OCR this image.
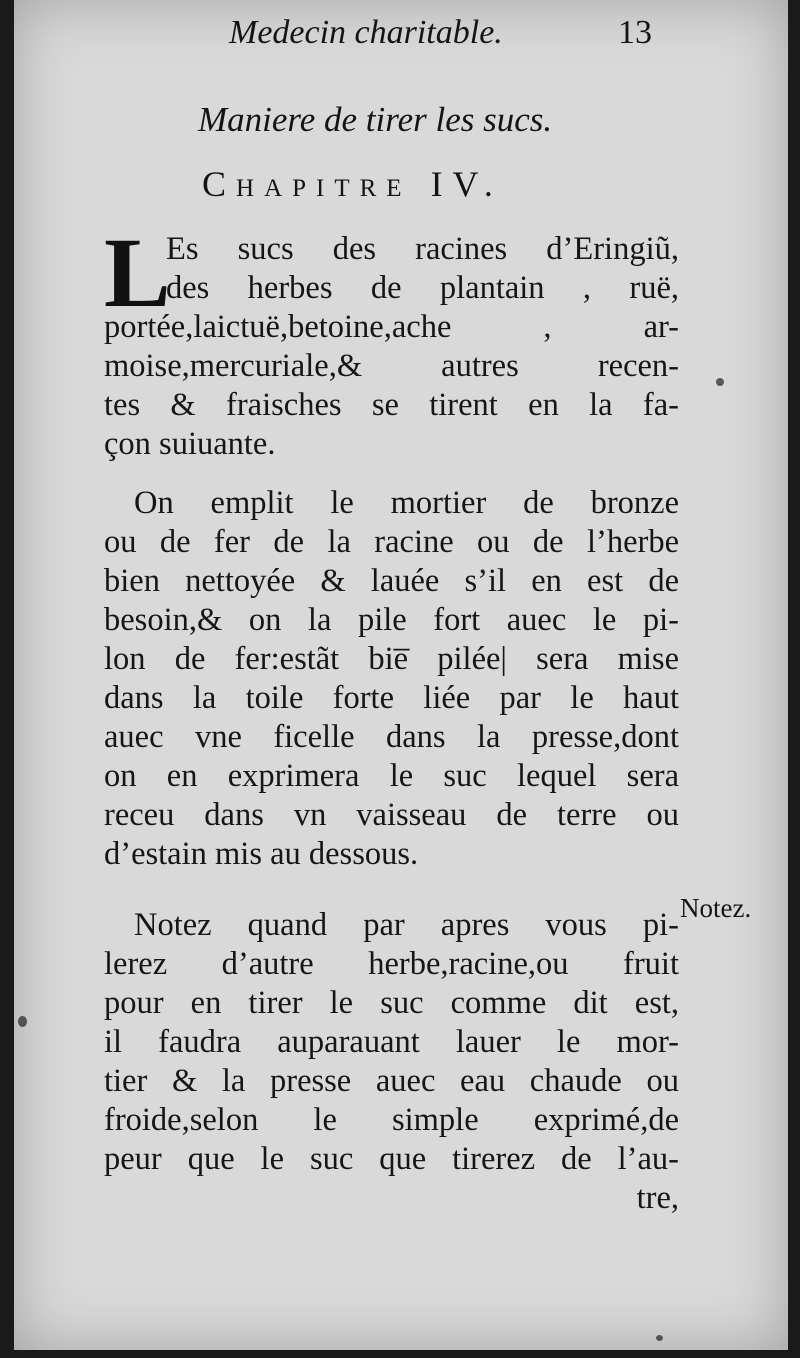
Medecin charitable.	13
Maniere de tirer les sucs.
Chapitre IV.
L
Es sucs des racines d’Eringiũ,
des herbes de plantain , ruë,
portée,laictuë,betoine,ache , ar-
moise,mercuriale,& autres recen-
tes & fraisches se tirent en la fa-
çon suiuante.
On emplit le mortier de bronze
ou de fer de la racine ou de l’herbe
bien nettoyée & lauée s’il en est de
besoin,& on la pile fort auec le pi-
lon de fer:estãt bie̅ pilée| sera mise
dans la toile forte liée par le haut
auec vne ficelle dans la presse,dont
on en exprimera le suc lequel sera
receu dans vn vaisseau de terre ou
d’estain mis au dessous.
Notez.
Notez quand par apres vous pi-
lerez d’autre herbe,racine,ou fruit
pour en tirer le suc comme dit est,
il faudra auparauant lauer le mor-
tier & la presse auec eau chaude ou
froide,selon le simple exprimé,de
peur que le suc que tirerez de l’au-
tre,
